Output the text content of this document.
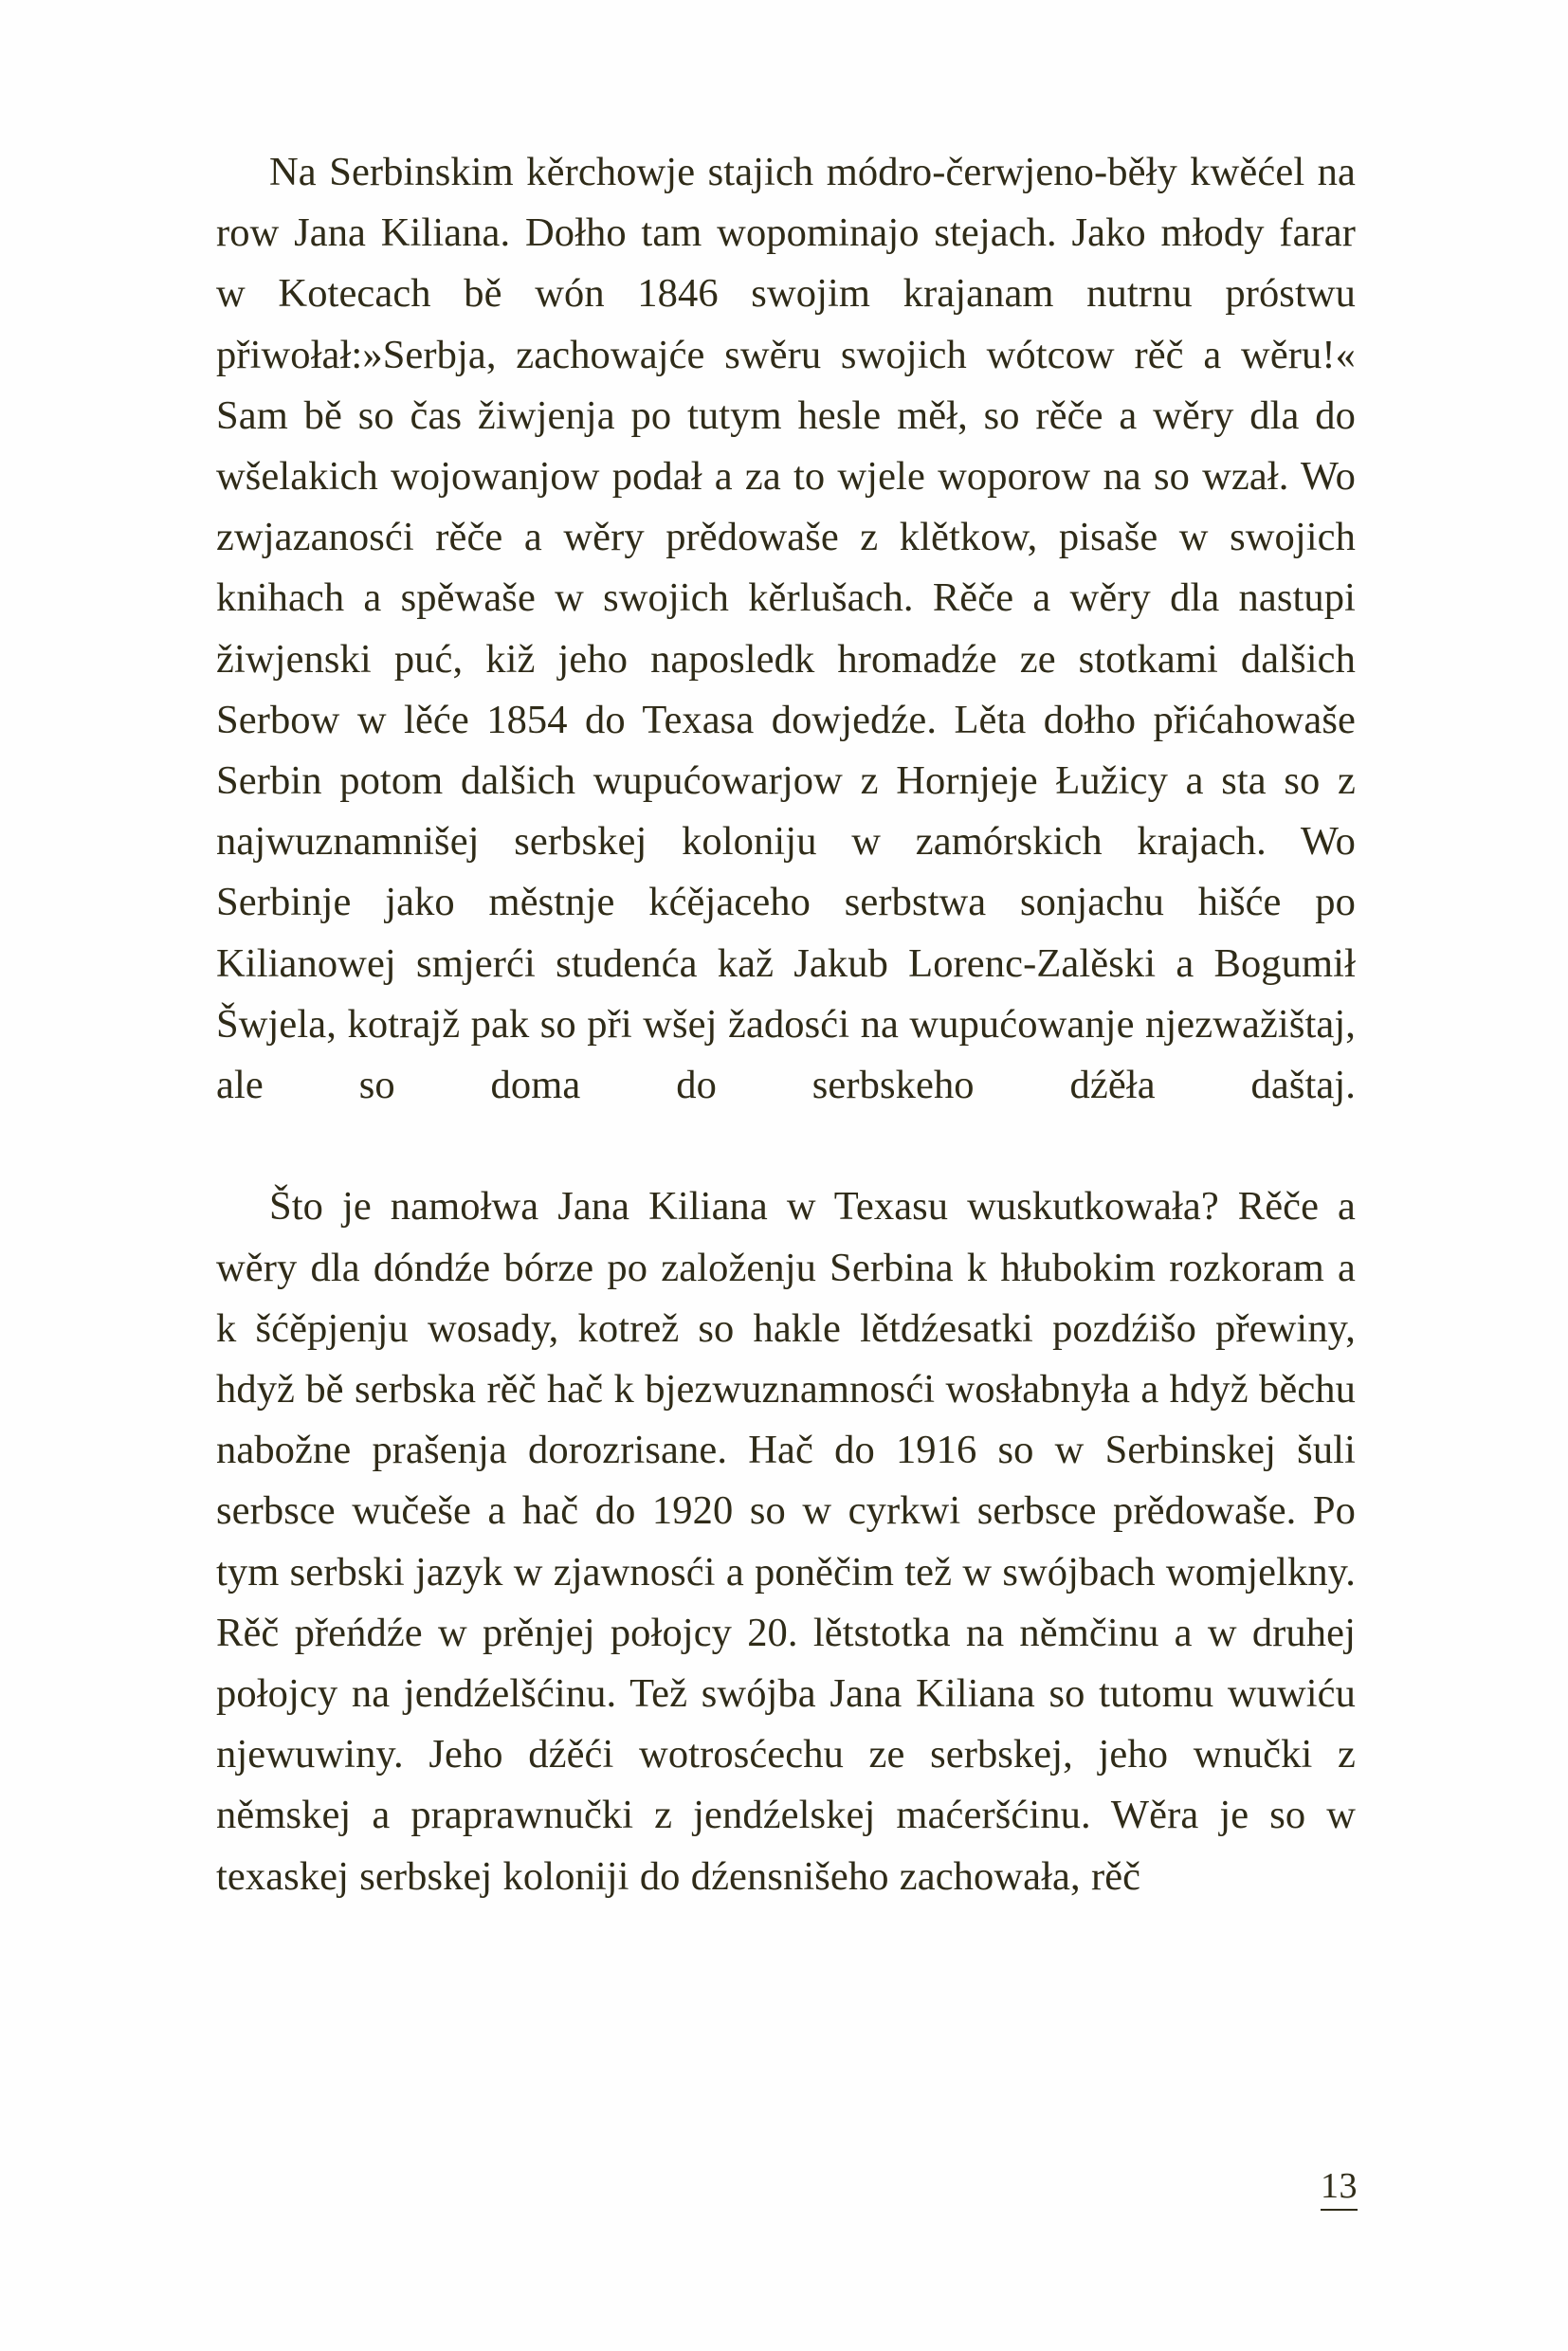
Na Serbinskim kěrchowje stajich módro-čerwjeno-běły kwěćel na row Jana Kiliana. Dołho tam wopominajo stejach. Jako młody farar w Kotecach bě wón 1846 swojim krajanam nutrnu próstwu přiwołał:»Serbja, zachowajće swěru swojich wótcow rěč a wěru!« Sam bě so čas žiwjenja po tutym hesle měł, so rěče a wěry dla do wšelakich wojowanjow podał a za to wjele woporow na so wzał. Wo zwjazanosći rěče a wěry prědowaše z klětkow, pisaše w swojich knihach a spěwaše w swojich kěrlušach. Rěče a wěry dla nastupi žiwjenski puć, kiž jeho naposledk hromadźe ze stotkami dalšich Serbow w lěće 1854 do Texasa dowjedźe. Lěta dołho přićahowaše Serbin potom dalšich wupućowarjow z Hornjeje Łužicy a sta so z najwuznamnišej serbskej koloniju w zamórskich krajach. Wo Serbinje jako městnje kćějaceho serbstwa sonjachu hišće po Kilianowej smjerći studenća kaž Jakub Lorenc-Zalěski a Bogumił Šwjela, kotrajž pak so při wšej žadosći na wupućowanje njezwažištaj, ale so doma do serbskeho dźěła daštaj.

Što je namołwa Jana Kiliana w Texasu wuskutkowała? Rěče a wěry dla dóndźe bórze po založenju Serbina k hłubokim rozkoram a k šćěpjenju wosady, kotrež so hakle lětdźesatki pozdźišo přewiny, hdyž bě serbska rěč hač k bjezwuznamnosći wosłabnyła a hdyž běchu nabožne prašenja dorozrisane. Hač do 1916 so w Serbinskej šuli serbsce wučeše a hač do 1920 so w cyrkwi serbsce prědowaše. Po tym serbski jazyk w zjawnosći a poněčim tež w swójbach womjelkny. Rěč přeńdźe w prěnjej połojcy 20. lětstotka na němčinu a w druhej połojcy na jendźelšćinu. Tež swójba Jana Kiliana so tutomu wuwiću njewuwiny. Jeho dźěći wotrosćechu ze serbskej, jeho wnučki z němskej a praprawnučki z jendźelskej maćeršćinu. Wěra je so w texaskej serbskej koloniji do dźensnišeho zachowała, rěč

13
